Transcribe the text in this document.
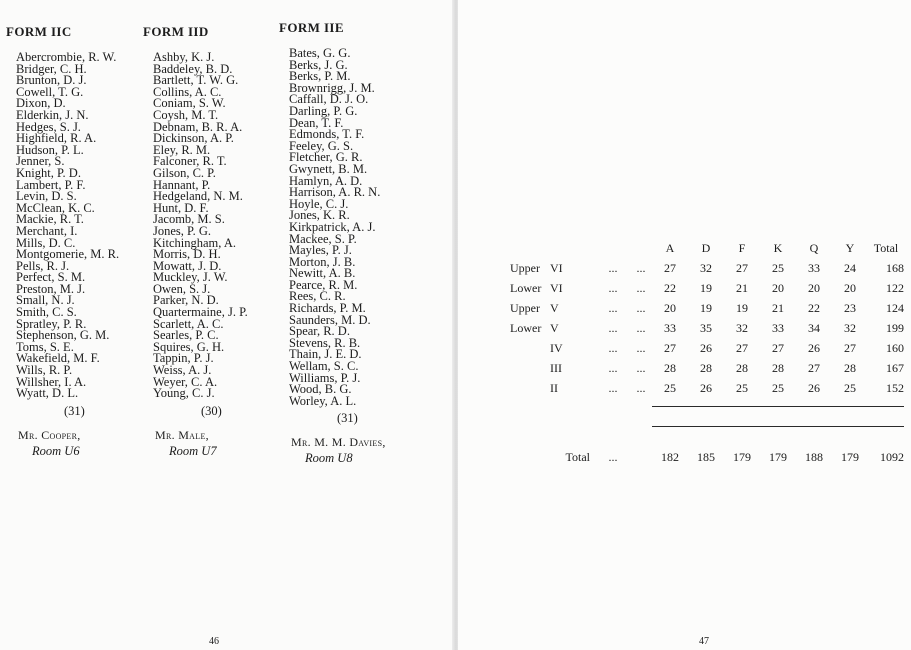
FORM IIC
Abercrombie, R. W.
Bridger, C. H.
Brunton, D. J.
Cowell, T. G.
Dixon, D.
Elderkin, J. N.
Hedges, S. J.
Highfield, R. A.
Hudson, P. L.
Jenner, S.
Knight, P. D.
Lambert, P. F.
Levin, D. S.
McClean, K. C.
Mackie, R. T.
Merchant, I.
Mills, D. C.
Montgomerie, M. R.
Pells, R. J.
Perfect, S. M.
Preston, M. J.
Small, N. J.
Smith, C. S.
Spratley, P. R.
Stephenson, G. M.
Toms, S. E.
Wakefield, M. F.
Wills, R. P.
Willsher, I. A.
Wyatt, D. L.
(31)
Mr. Cooper,
Room U6
FORM IID
Ashby, K. J.
Baddeley, B. D.
Bartlett, T. W. G.
Collins, A. C.
Coniam, S. W.
Coysh, M. T.
Debnam, B. R. A.
Dickinson, A. P.
Eley, R. M.
Falconer, R. T.
Gilson, C. P.
Hannant, P.
Hedgeland, N. M.
Hunt, D. F.
Jacomb, M. S.
Jones, P. G.
Kitchingham, A.
Morris, D. H.
Mowatt, J. D.
Muckley, J. W.
Owen, S. J.
Parker, N. D.
Quartermaine, J. P.
Scarlett, A. C.
Searles, P. C.
Squires, G. H.
Tappin, P. J.
Weiss, A. J.
Weyer, C. A.
Young, C. J.
(30)
Mr. Male,
Room U7
FORM IIE
Bates, G. G.
Berks, J. G.
Berks, P. M.
Brownrigg, J. M.
Caffall, D. J. O.
Darling, P. G.
Dean, T. F.
Edmonds, T. F.
Feeley, G. S.
Fletcher, G. R.
Gwynett, B. M.
Hamlyn, A. D.
Harrison, A. R. N.
Hoyle, C. J.
Jones, K. R.
Kirkpatrick, A. J.
Mackee, S. P.
Mayles, P. J.
Morton, J. B.
Newitt, A. B.
Pearce, R. M.
Rees, C. R.
Richards, P. M.
Saunders, M. D.
Spear, R. D.
Stevens, R. B.
Thain, J. E. D.
Wellam, S. C.
Williams, P. J.
Wood, B. G.
Worley, A. L.
(31)
Mr. M. M. Davies,
Room U8
46
			A	D	F	K	Q	Y	Total
Upper VI	...	...	27	32	27	25	33	24	168
Lower VI	...	...	22	19	21	20	20	20	122
Upper V	...	...	20	19	19	21	22	23	124
Lower V	...	...	33	35	32	33	34	32	199
IV	...	...	27	26	27	27	26	27	160
III	...	...	28	28	28	28	27	28	167
II	...	...	25	26	25	25	26	25	152

Total	...		182	185	179	179	188	179	1092
47
